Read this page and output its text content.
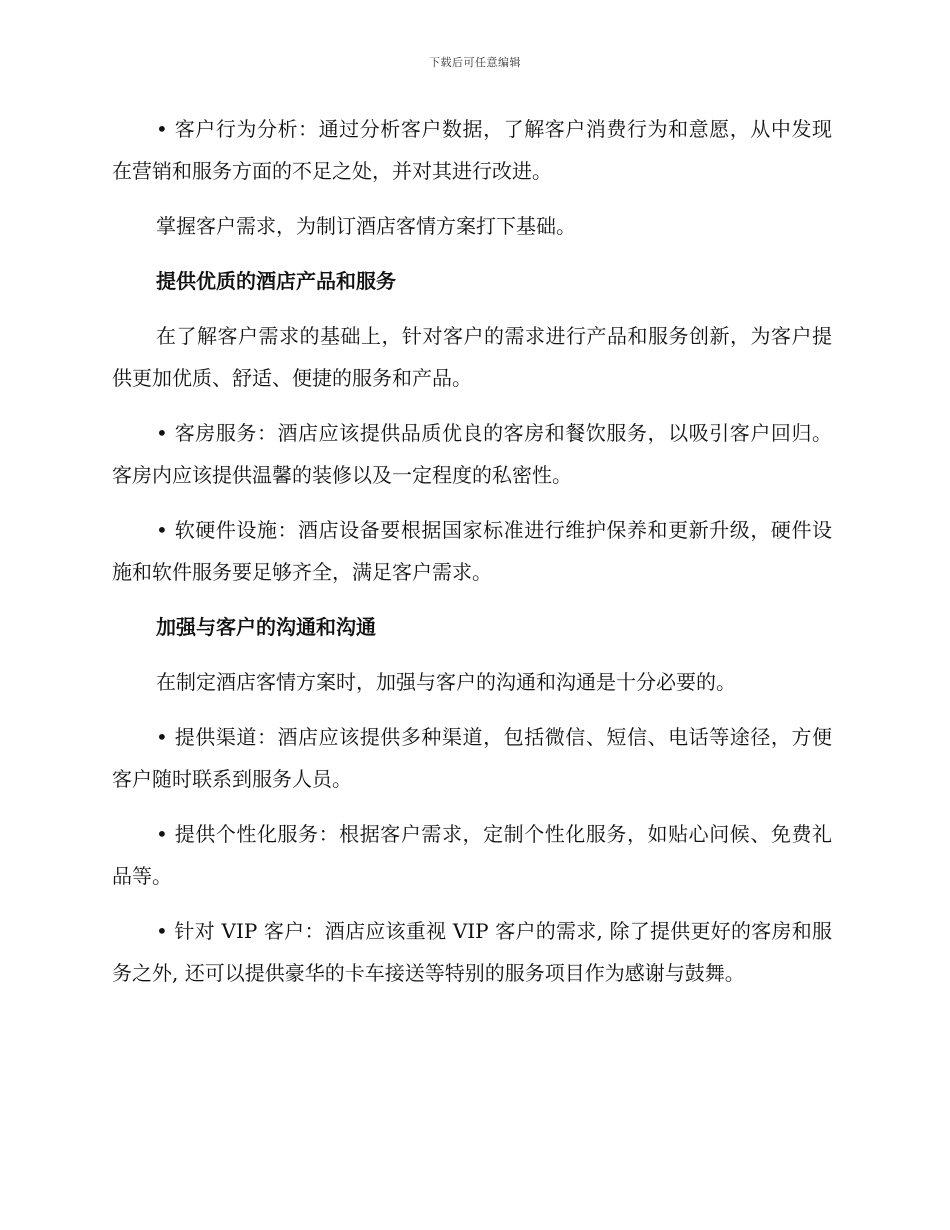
下载后可任意编辑

• 客户行为分析：通过分析客户数据，了解客户消费行为和意愿，从中发现在营销和服务方面的不足之处，并对其进行改进。

掌握客户需求，为制订酒店客情方案打下基础。

提供优质的酒店产品和服务

在了解客户需求的基础上，针对客户的需求进行产品和服务创新，为客户提供更加优质、舒适、便捷的服务和产品。

• 客房服务：酒店应该提供品质优良的客房和餐饮服务，以吸引客户回归。客房内应该提供温馨的装修以及一定程度的私密性。

• 软硬件设施：酒店设备要根据国家标准进行维护保养和更新升级，硬件设施和软件服务要足够齐全，满足客户需求。

加强与客户的沟通和沟通

在制定酒店客情方案时，加强与客户的沟通和沟通是十分必要的。

• 提供渠道：酒店应该提供多种渠道，包括微信、短信、电话等途径，方便客户随时联系到服务人员。

• 提供个性化服务：根据客户需求，定制个性化服务，如贴心问候、免费礼品等。

• 针对 VIP 客户：酒店应该重视 VIP 客户的需求, 除了提供更好的客房和服务之外, 还可以提供豪华的卡车接送等特别的服务项目作为感谢与鼓舞。
